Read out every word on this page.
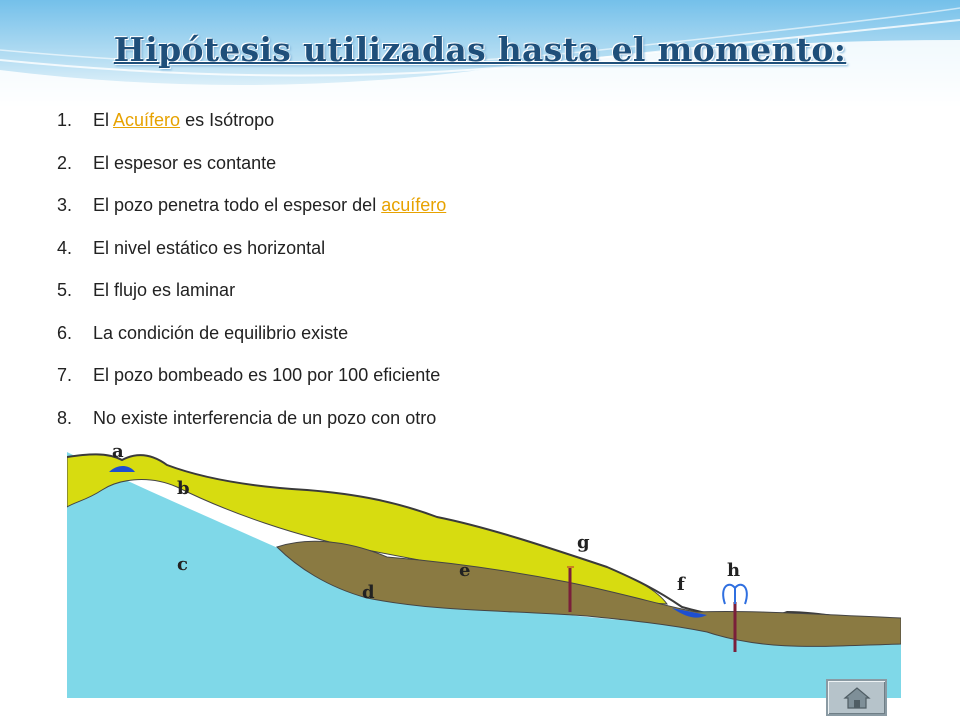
Hipótesis utilizadas hasta el momento:
a
b
c
d
e
f
g
h
1.	El Acuífero es Isótropo
2.	El espesor es contante
3.	El pozo penetra todo el espesor del acuífero
4.	El nivel estático es horizontal
5.	El flujo es laminar
6.	La condición de equilibrio existe
7.	El pozo bombeado es 100 por 100 eficiente
8.	No existe interferencia de un pozo con otro
